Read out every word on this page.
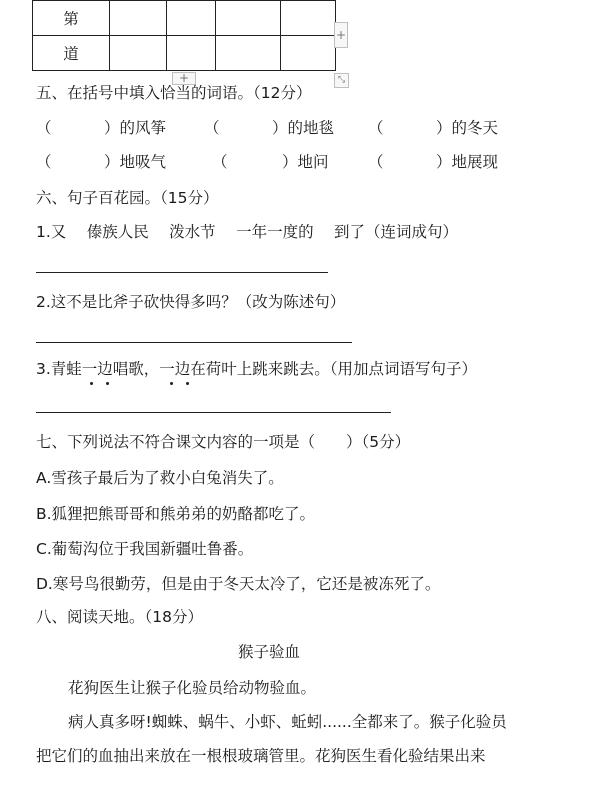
第				
道				
+
+	⤡
五、在括号中填入恰当的词语。（12分）
（	）的风筝 （	）的地毯 （	）的冬天
（	）地吸气	（	）地问	（	）地展现
六、句子百花园。（15分）
1.又　 傣族人民　 泼水节　 一年一度的　 到了（连词成句）
2.这不是比斧子砍快得多吗？（改为陈述句）
3.青蛙一边唱歌，一边在荷叶上跳来跳去。（用加点词语写句子）
七、下列说法不符合课文内容的一项是（　　）（5分）
A.雪孩子最后为了救小白兔消失了。
B.狐狸把熊哥哥和熊弟弟的奶酪都吃了。
C.葡萄沟位于我国新疆吐鲁番。
D.寒号鸟很勤劳，但是由于冬天太冷了，它还是被冻死了。
八、阅读天地。（18分）
猴子验血
花狗医生让猴子化验员给动物验血。
病人真多呀!蜘蛛、蜗牛、小虾、蚯蚓......全都来了。猴子化验员
把它们的血抽出来放在一根根玻璃管里。花狗医生看化验结果出来
